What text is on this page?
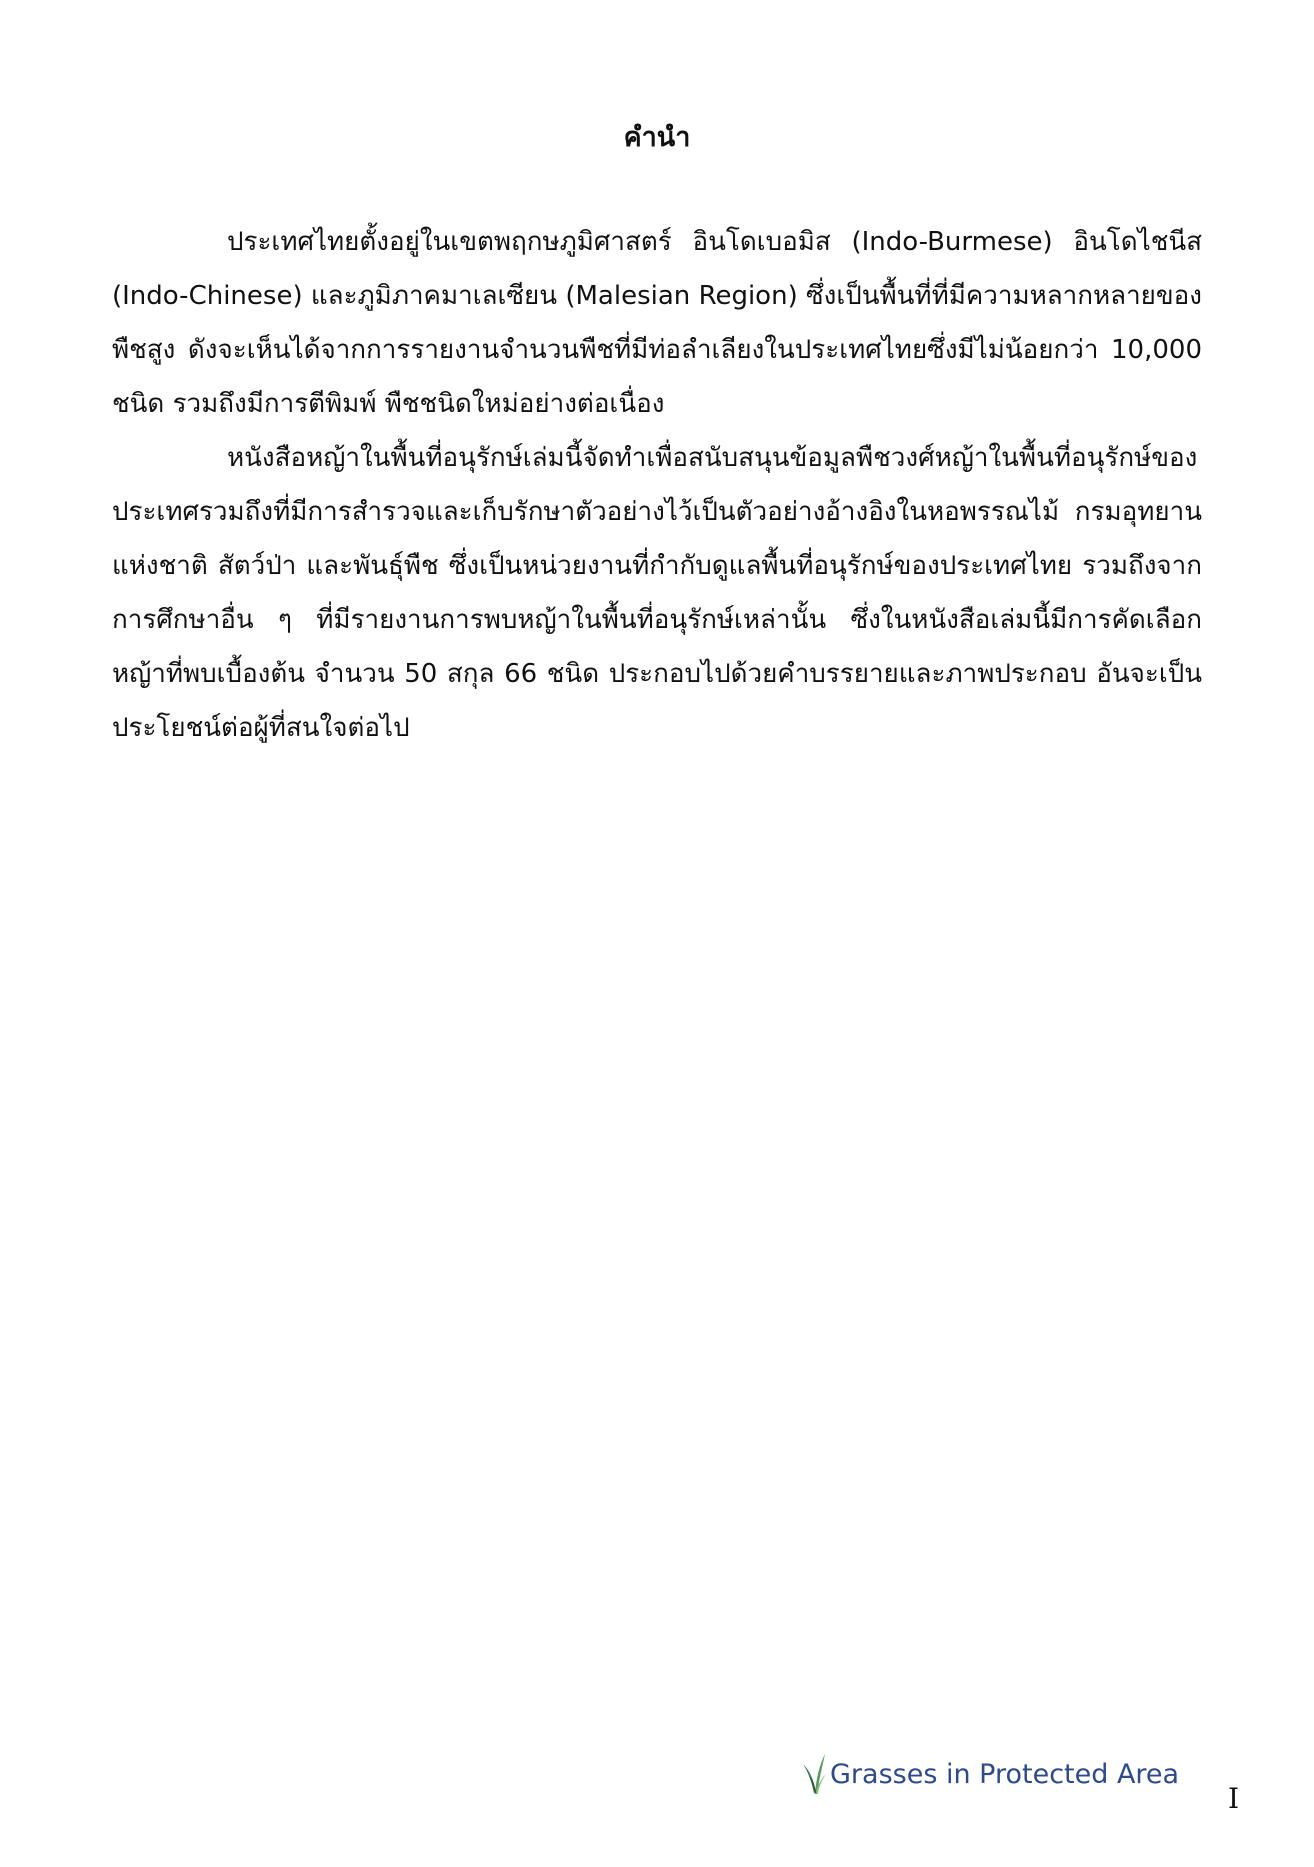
คำนำ

ประเทศไทยตั้งอยู่ในเขตพฤกษภูมิศาสตร์ อินโดเบอมิส (Indo-Burmese) อินโดไชนีส (Indo-Chinese) และภูมิภาคมาเลเซียน (Malesian Region) ซึ่งเป็นพื้นที่ที่มีความหลากหลายของพืชสูง ดังจะเห็นได้จากการรายงานจำนวนพืชที่มีท่อลำเลียงในประเทศไทยซึ่งมีไม่น้อยกว่า 10,000 ชนิด รวมถึงมีการตีพิมพ์ พืชชนิดใหม่อย่างต่อเนื่อง

หนังสือหญ้าในพื้นที่อนุรักษ์เล่มนี้จัดทำเพื่อสนับสนุนข้อมูลพืชวงศ์หญ้าในพื้นที่อนุรักษ์ของประเทศรวมถึงที่มีการสำรวจและเก็บรักษาตัวอย่างไว้เป็นตัวอย่างอ้างอิงในหอพรรณไม้ กรมอุทยานแห่งชาติ สัตว์ป่า และพันธุ์พืช ซึ่งเป็นหน่วยงานที่กำกับดูแลพื้นที่อนุรักษ์ของประเทศไทย รวมถึงจากการศึกษาอื่น ๆ ที่มีรายงานการพบหญ้าในพื้นที่อนุรักษ์เหล่านั้น ซึ่งในหนังสือเล่มนี้มีการคัดเลือกหญ้าที่พบเบื้องต้น จำนวน 50 สกุล 66 ชนิด ประกอบไปด้วยคำบรรยายและภาพประกอบ อันจะเป็นประโยชน์ต่อผู้ที่สนใจต่อไป

Grasses in Protected Area
I
